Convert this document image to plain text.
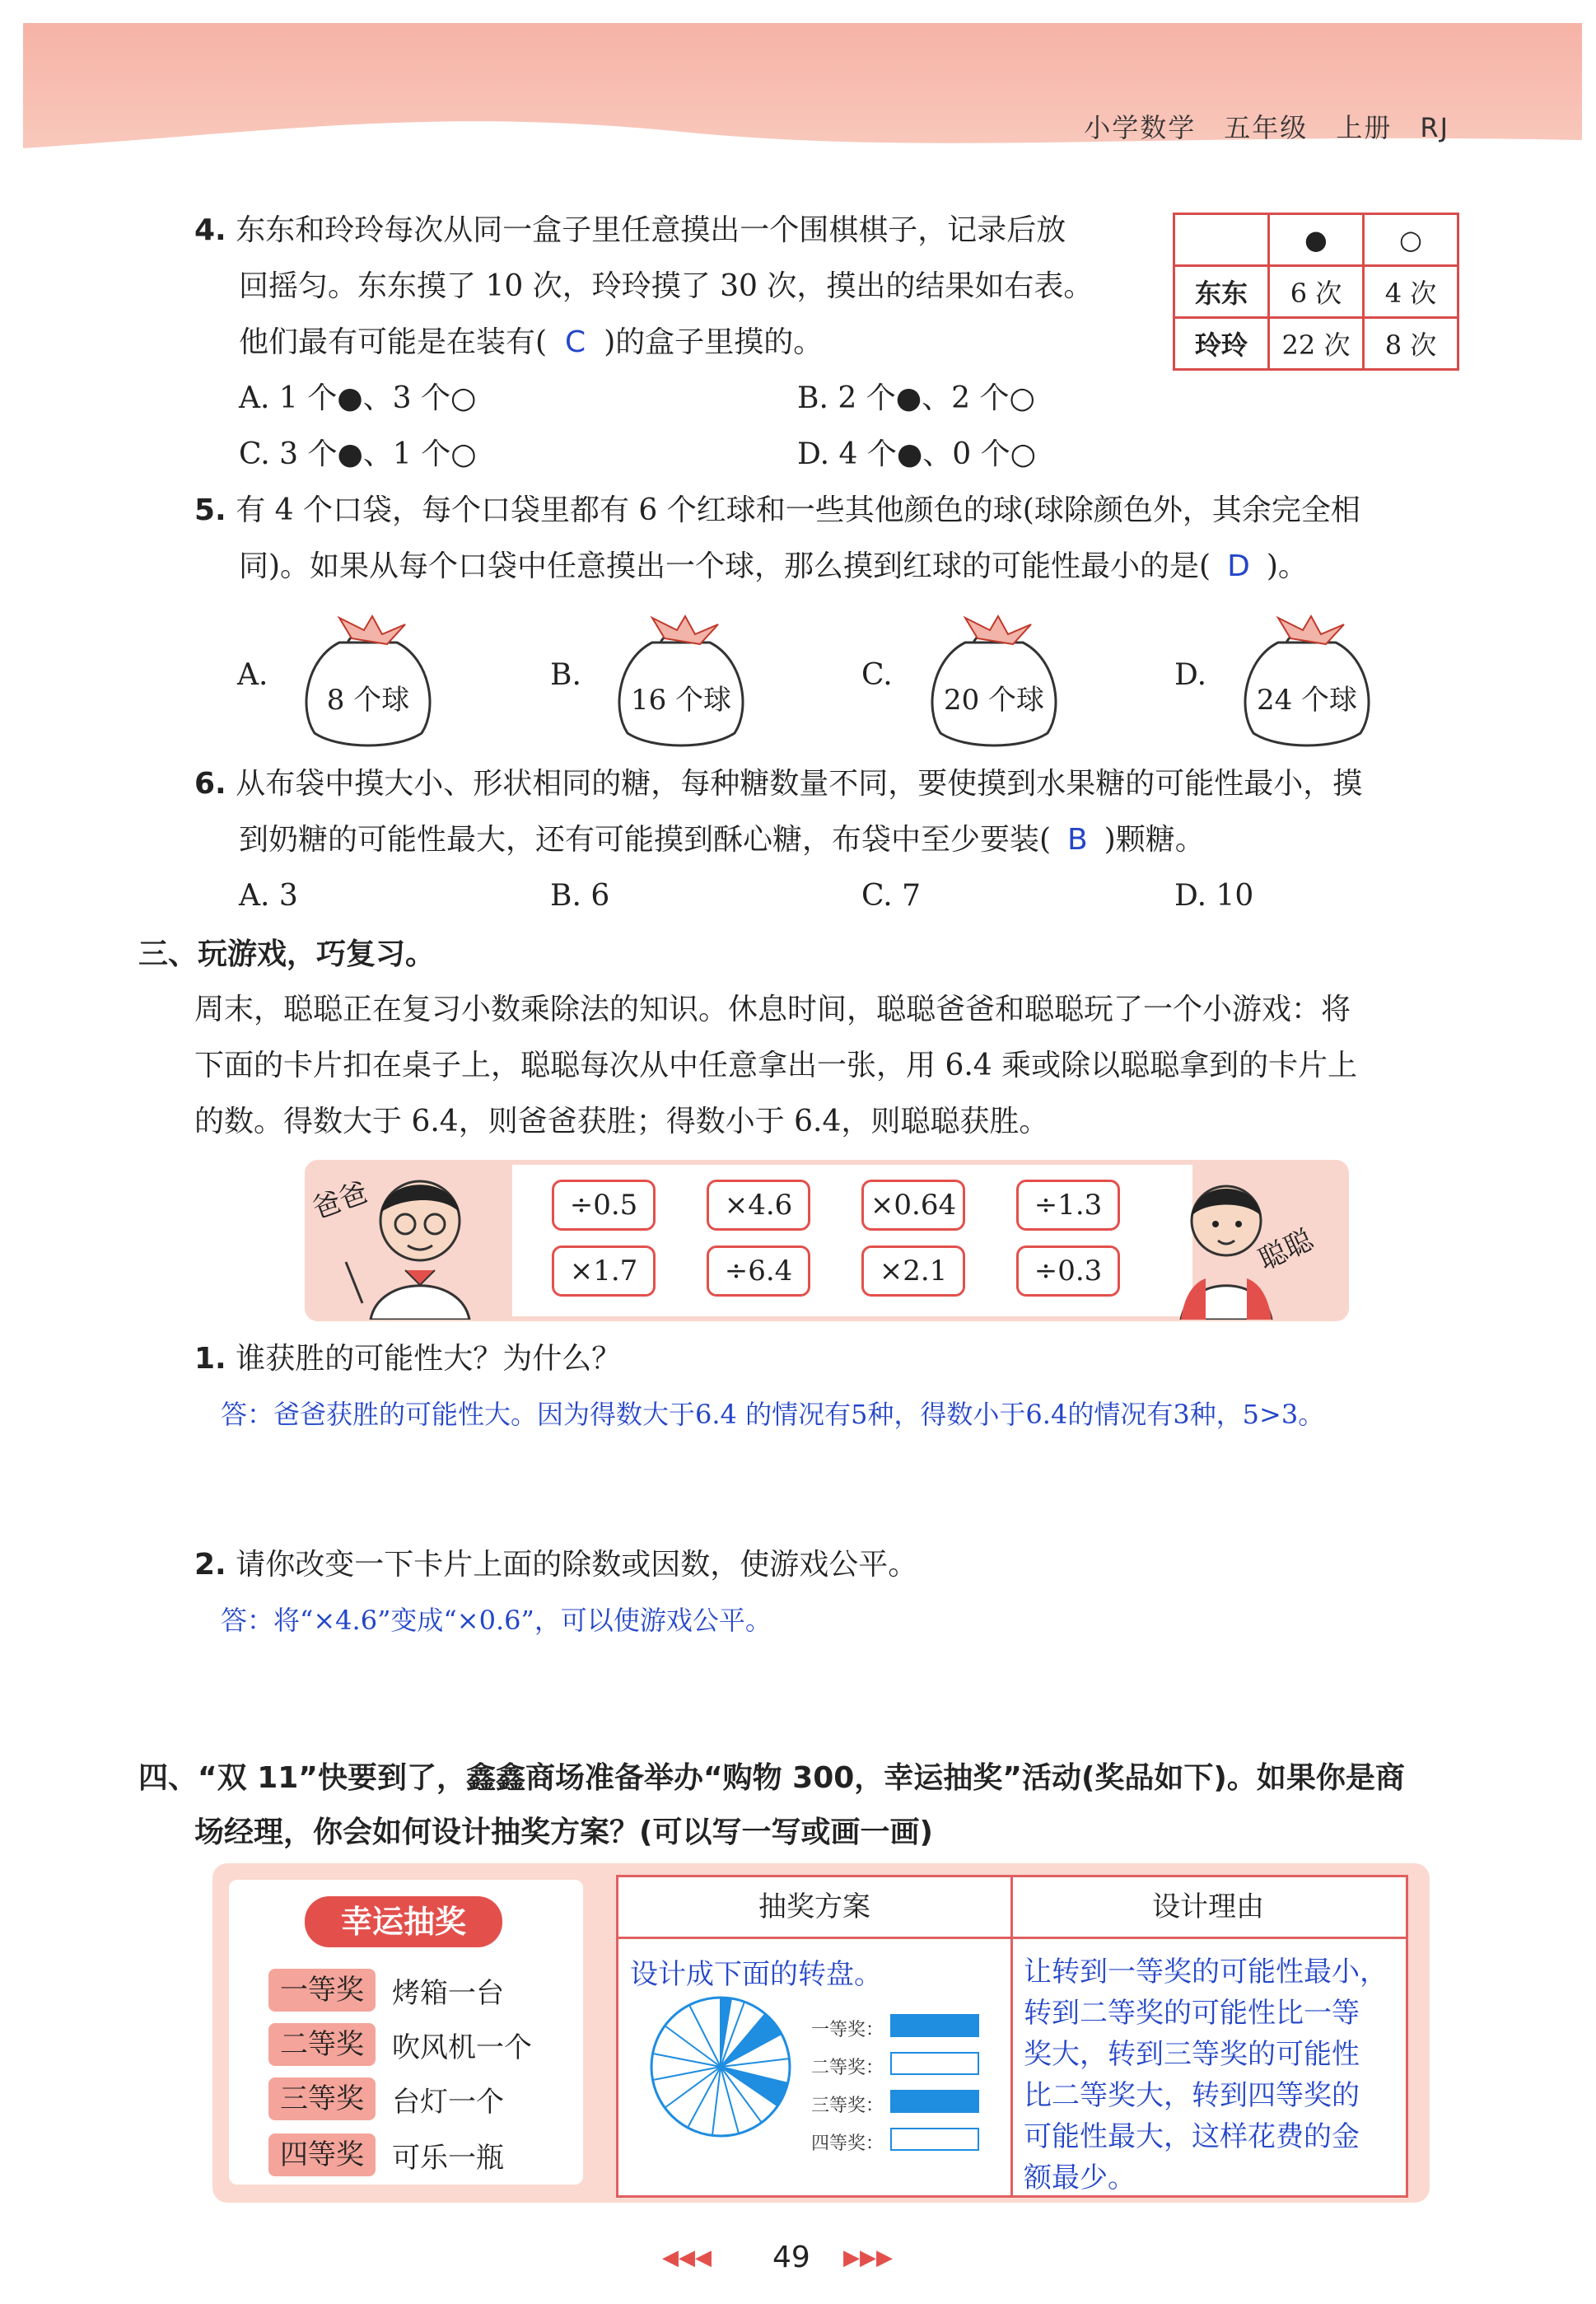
小学数学 五年级 上册 RJ
4. 东东和玲玲每次从同一盒子里任意摸出一个围棋棋子，记录后放
回摇匀。东东摸了 10 次，玲玲摸了 30 次，摸出的结果如右表。
他们最有可能是在装有( C )的盒子里摸的。
	●	○
东东	6 次	4 次
玲玲	22 次	8 次
A. 1 个●、3 个○	B. 2 个●、2 个○
C. 3 个●、1 个○	D. 4 个●、0 个○
5. 有 4 个口袋，每个口袋里都有 6 个红球和一些其他颜色的球(球除颜色外，其余完全相
同)。如果从每个口袋中任意摸出一个球，那么摸到红球的可能性最小的是( D )。
A.	B.	C.	D.
8 个球	16 个球	20 个球	24 个球
6. 从布袋中摸大小、形状相同的糖，每种糖数量不同，要使摸到水果糖的可能性最小，摸
到奶糖的可能性最大，还有可能摸到酥心糖，布袋中至少要装( B )颗糖。
A. 3	B. 6	C. 7	D. 10
三、玩游戏，巧复习。
周末，聪聪正在复习小数乘除法的知识。休息时间，聪聪爸爸和聪聪玩了一个小游戏：将
下面的卡片扣在桌子上，聪聪每次从中任意拿出一张，用 6.4 乘或除以聪聪拿到的卡片上
的数。得数大于 6.4，则爸爸获胜；得数小于 6.4，则聪聪获胜。
爸爸
聪聪
÷0.5	×4.6	×0.64	÷1.3
×1.7	÷6.4	×2.1	÷0.3
1. 谁获胜的可能性大？为什么？
答：爸爸获胜的可能性大。因为得数大于6.4 的情况有5种，得数小于6.4的情况有3种，5>3。
2. 请你改变一下卡片上面的除数或因数，使游戏公平。
答：将“×4.6”变成“×0.6”，可以使游戏公平。
四、“双 11”快要到了，鑫鑫商场准备举办“购物 300，幸运抽奖”活动(奖品如下)。如果你是商
场经理，你会如何设计抽奖方案？(可以写一写或画一画)
幸运抽奖
一等奖	烤箱一台
二等奖	吹风机一个
三等奖	台灯一个
四等奖	可乐一瓶
抽奖方案	设计理由
设计成下面的转盘。
一等奖：
二等奖：
三等奖：
四等奖：
让转到一等奖的可能性最小，
转到二等奖的可能性比一等
奖大，转到三等奖的可能性
比二等奖大，转到四等奖的
可能性最大，这样花费的金
额最少。
◀◀◀ 49 ▶▶▶
